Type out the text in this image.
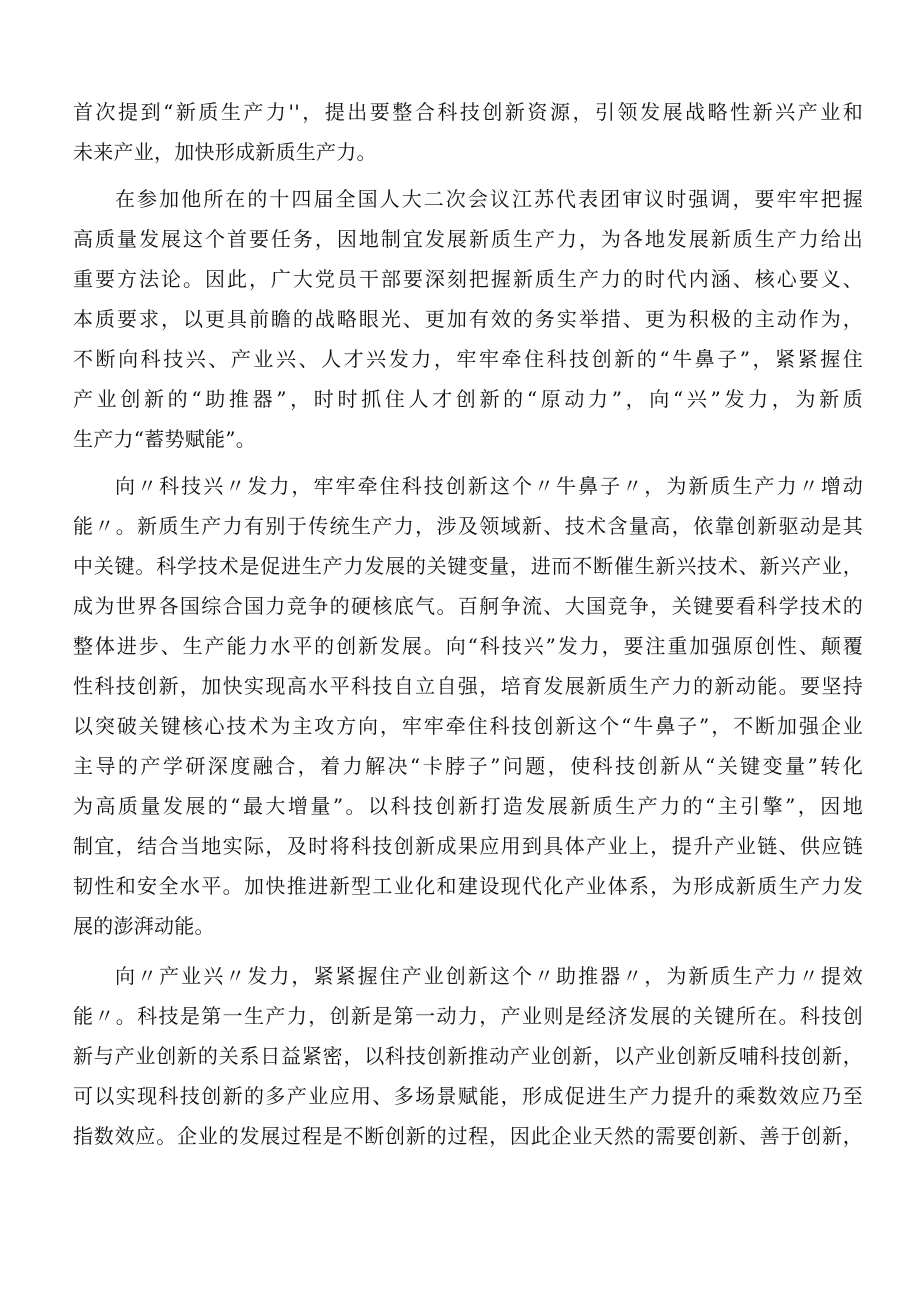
首次提到“新质生产力''，提出要整合科技创新资源，引领发展战略性新兴产业和
未来产业，加快形成新质生产力。
在参加他所在的十四届全国人大二次会议江苏代表团审议时强调，要牢牢把握
高质量发展这个首要任务，因地制宜发展新质生产力，为各地发展新质生产力给出
重要方法论。因此，广大党员干部要深刻把握新质生产力的时代内涵、核心要义、
本质要求，以更具前瞻的战略眼光、更加有效的务实举措、更为积极的主动作为，
不断向科技兴、产业兴、人才兴发力，牢牢牵住科技创新的“牛鼻子”，紧紧握住
产业创新的“助推器”，时时抓住人才创新的“原动力”，向“兴”发力，为新质
生产力“蓄势赋能”。
向〃科技兴〃发力，牢牢牵住科技创新这个〃牛鼻子〃，为新质生产力〃增动
能〃。新质生产力有别于传统生产力，涉及领域新、技术含量高，依靠创新驱动是其
中关键。科学技术是促进生产力发展的关键变量，进而不断催生新兴技术、新兴产业，
成为世界各国综合国力竞争的硬核底气。百舸争流、大国竞争，关键要看科学技术的
整体进步、生产能力水平的创新发展。向“科技兴”发力，要注重加强原创性、颠覆
性科技创新，加快实现高水平科技自立自强，培育发展新质生产力的新动能。要坚持
以突破关键核心技术为主攻方向，牢牢牵住科技创新这个“牛鼻子”，不断加强企业
主导的产学研深度融合，着力解决“卡脖子”问题，使科技创新从“关键变量”转化
为高质量发展的“最大增量”。以科技创新打造发展新质生产力的“主引擎”，因地
制宜，结合当地实际，及时将科技创新成果应用到具体产业上，提升产业链、供应链
韧性和安全水平。加快推进新型工业化和建设现代化产业体系，为形成新质生产力发
展的澎湃动能。
向〃产业兴〃发力，紧紧握住产业创新这个〃助推器〃，为新质生产力〃提效
能〃。科技是第一生产力，创新是第一动力，产业则是经济发展的关键所在。科技创
新与产业创新的关系日益紧密，以科技创新推动产业创新，以产业创新反哺科技创新，
可以实现科技创新的多产业应用、多场景赋能，形成促进生产力提升的乘数效应乃至
指数效应。企业的发展过程是不断创新的过程，因此企业天然的需要创新、善于创新，
